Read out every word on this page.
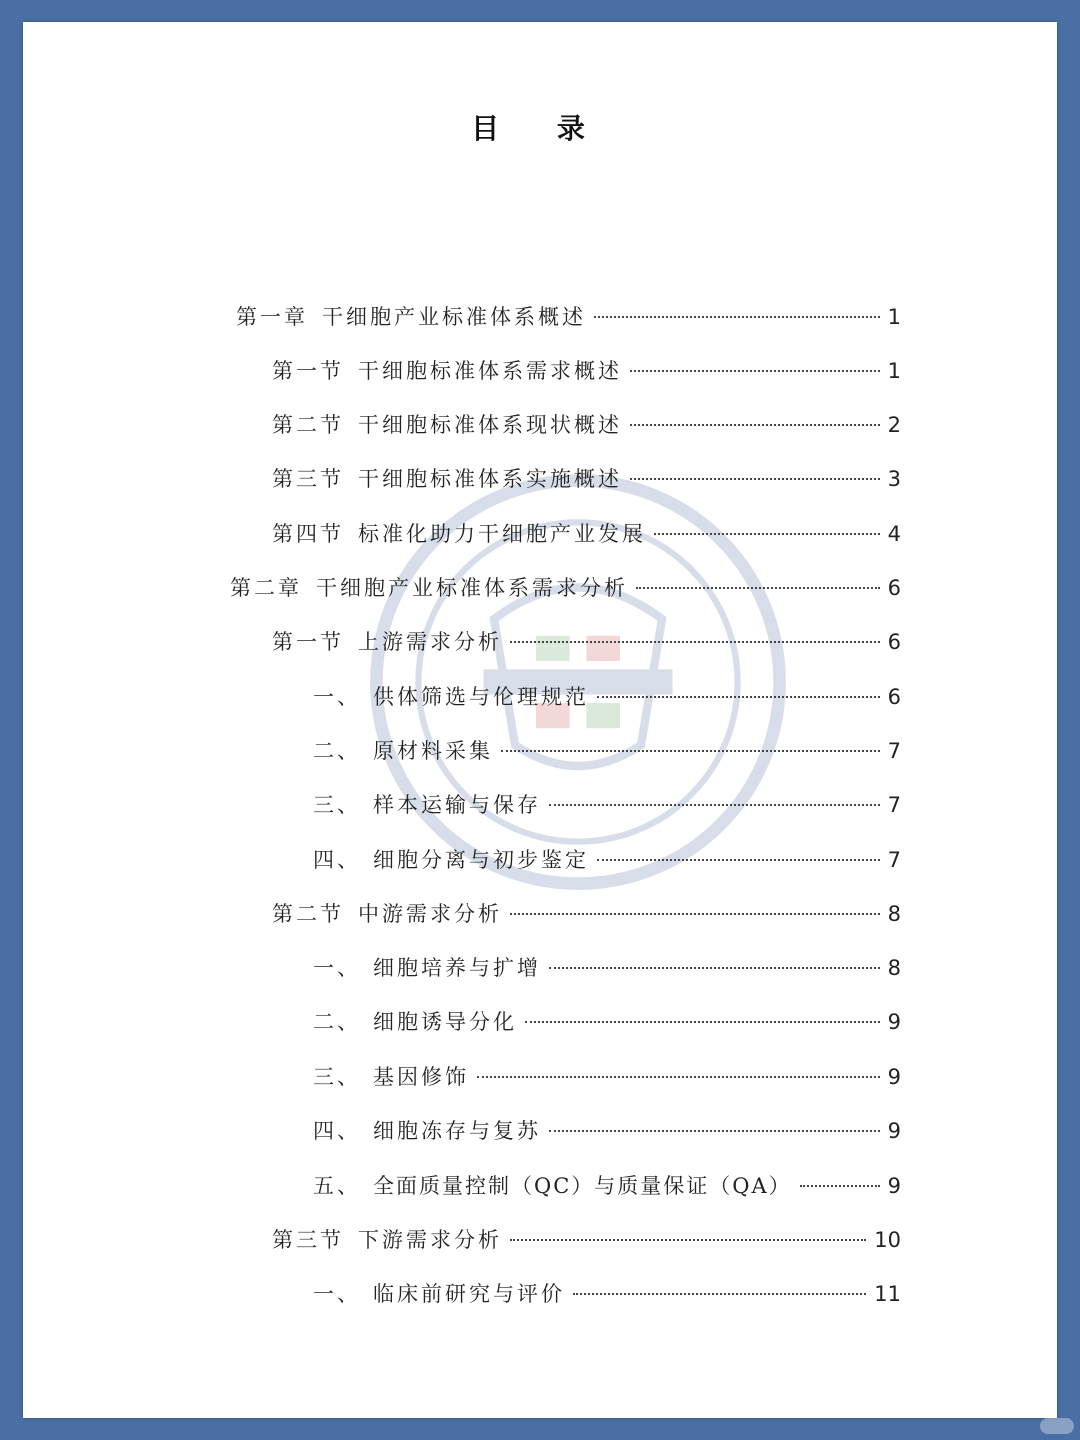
目 录
第一章 干细胞产业标准体系概述	1
第一节 干细胞标准体系需求概述	1
第二节 干细胞标准体系现状概述	2
第三节 干细胞标准体系实施概述	3
第四节 标准化助力干细胞产业发展	4
第二章 干细胞产业标准体系需求分析	6
第一节 上游需求分析	6
一、 供体筛选与伦理规范	6
二、 原材料采集	7
三、 样本运输与保存	7
四、 细胞分离与初步鉴定	7
第二节 中游需求分析	8
一、 细胞培养与扩增	8
二、 细胞诱导分化	9
三、 基因修饰	9
四、 细胞冻存与复苏	9
五、 全面质量控制（QC）与质量保证（QA）	9
第三节 下游需求分析	10
一、 临床前研究与评价	11
